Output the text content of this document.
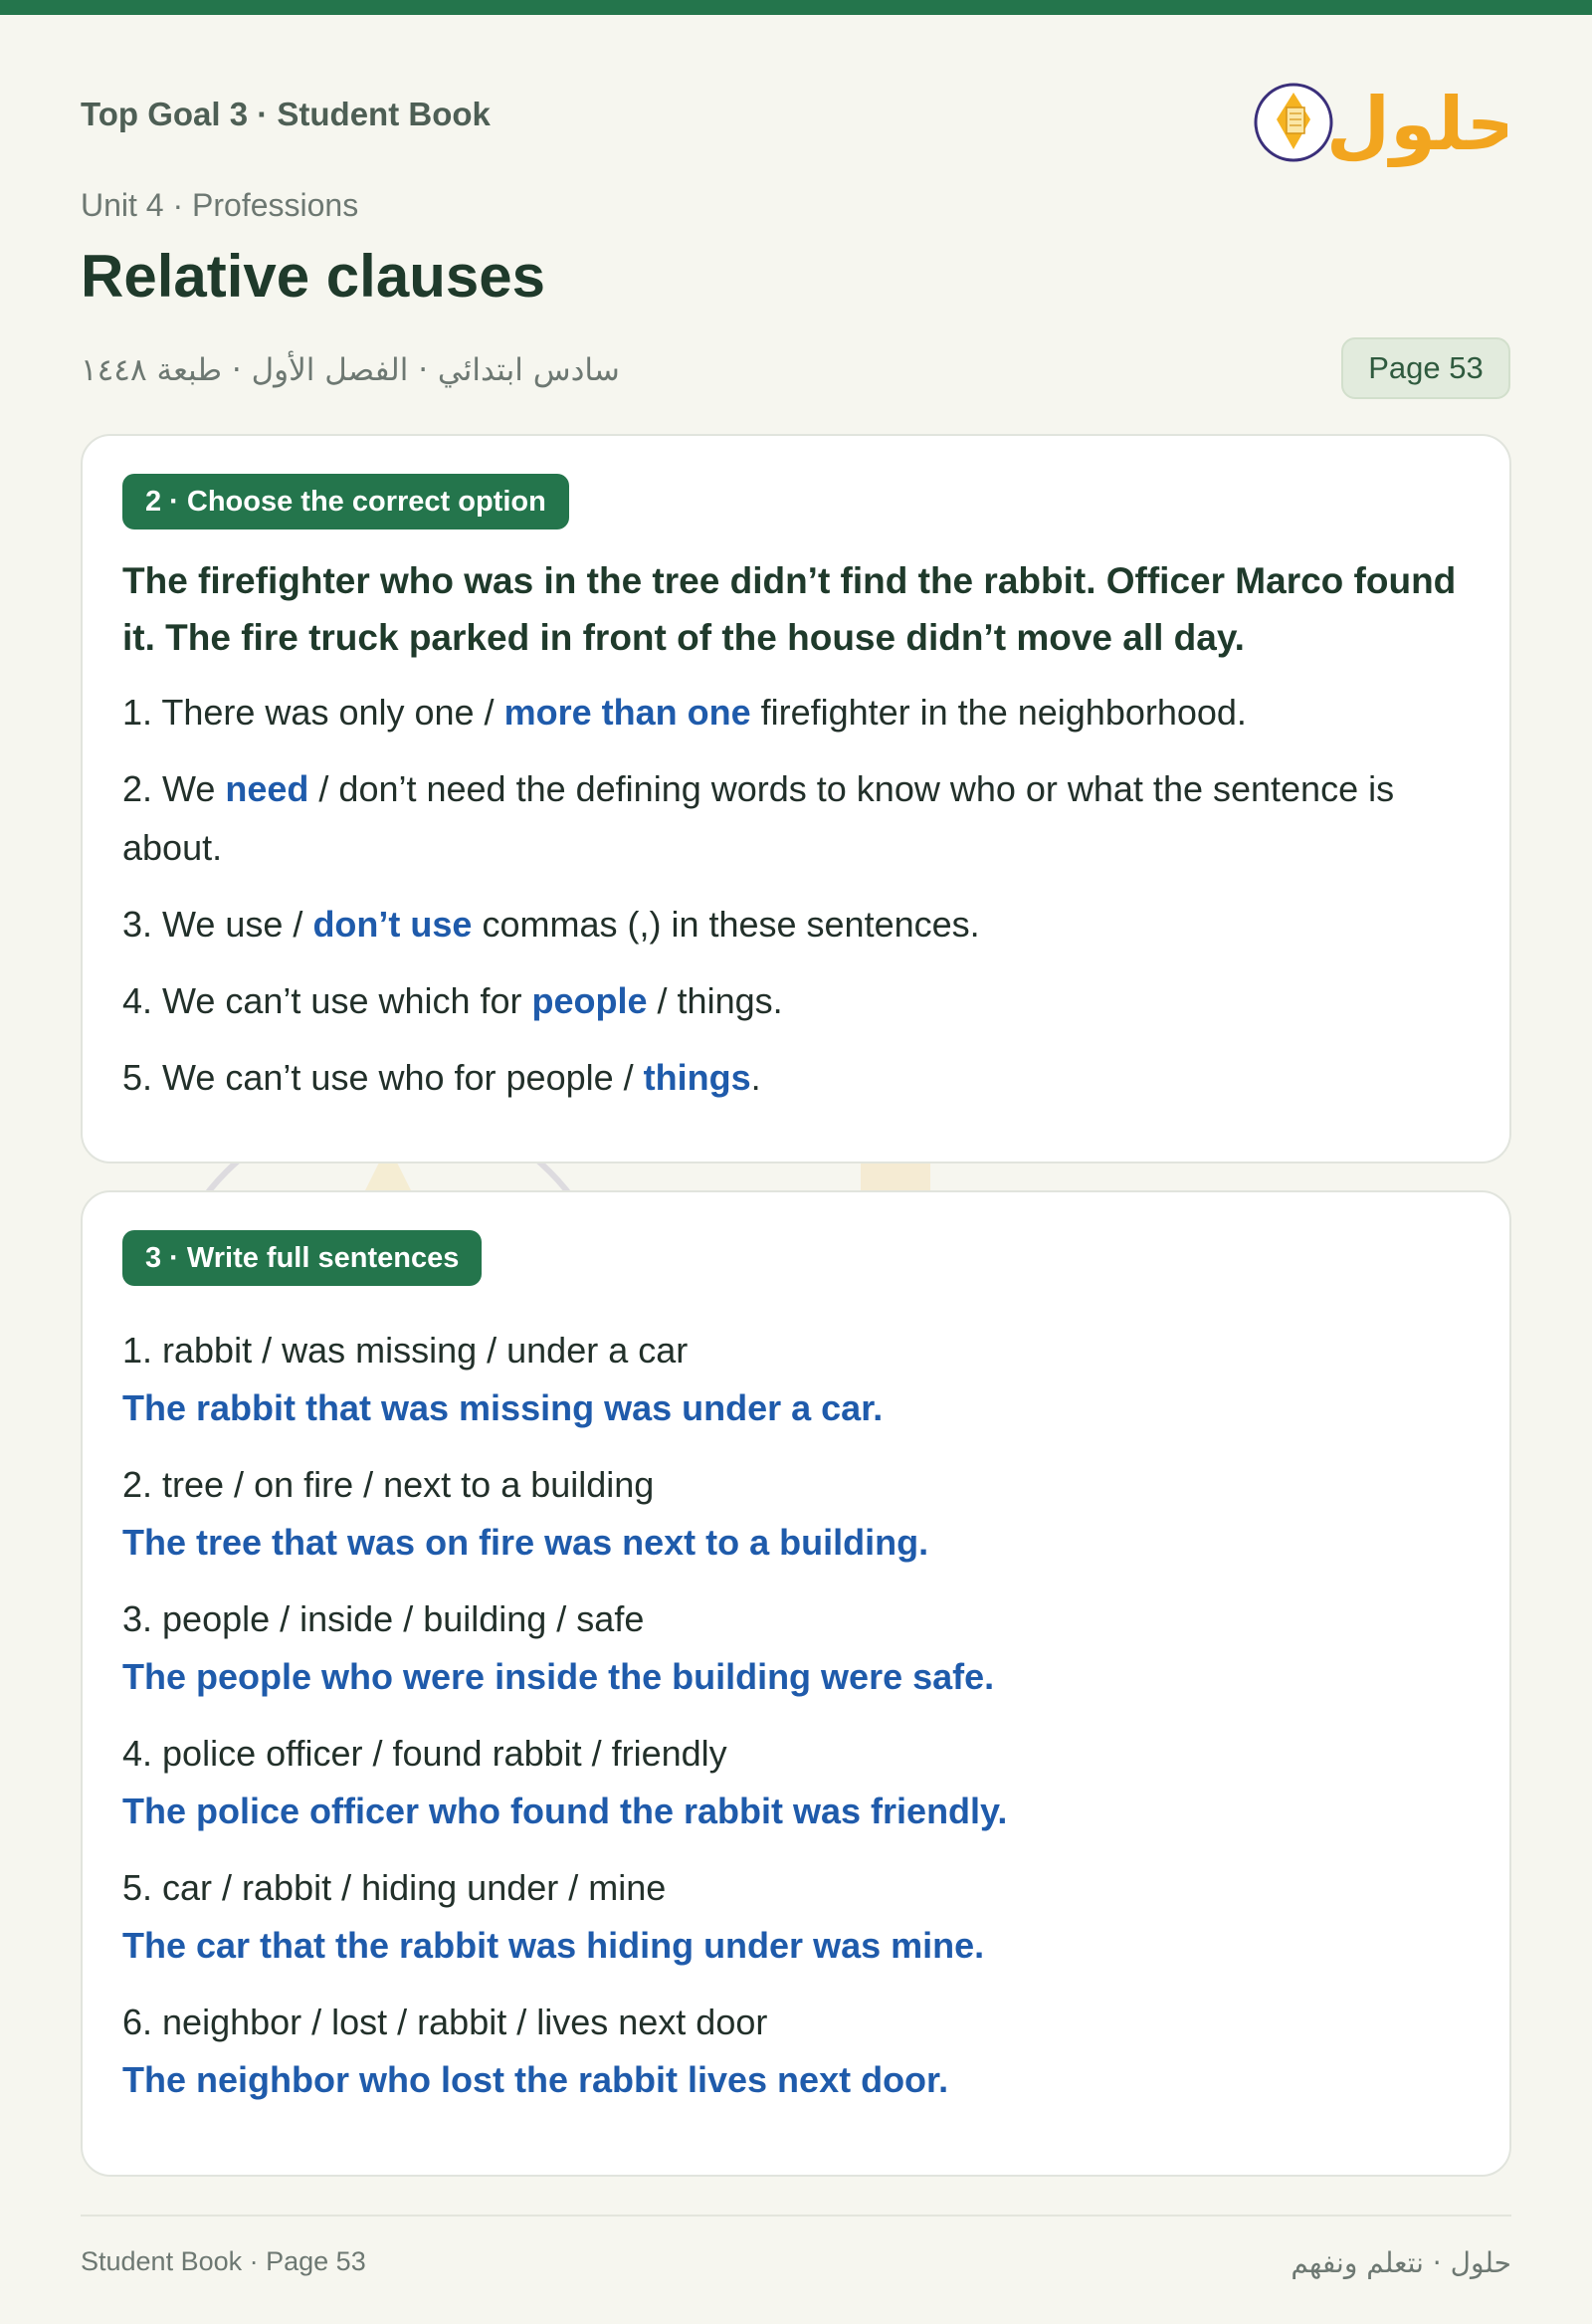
Top Goal 3 · Student Book
Unit 4 · Professions
Relative clauses
سادس ابتدائي · الفصل الأول · طبعة ١٤٤٨	Page 53
حلول
2 · Choose the correct option
The firefighter who was in the tree didn’t find the rabbit. Officer Marco found it. The fire truck parked in front of the house didn’t move all day.
1. There was only one / more than one firefighter in the neighborhood.
2. We need / don’t need the defining words to know who or what the sentence is about.
3. We use / don’t use commas (,) in these sentences.
4. We can’t use which for people / things.
5. We can’t use who for people / things.
3 · Write full sentences
1. rabbit / was missing / under a car
The rabbit that was missing was under a car.
2. tree / on fire / next to a building
The tree that was on fire was next to a building.
3. people / inside / building / safe
The people who were inside the building were safe.
4. police officer / found rabbit / friendly
The police officer who found the rabbit was friendly.
5. car / rabbit / hiding under / mine
The car that the rabbit was hiding under was mine.
6. neighbor / lost / rabbit / lives next door
The neighbor who lost the rabbit lives next door.
Student Book · Page 53	حلول · نتعلم ونفهم
